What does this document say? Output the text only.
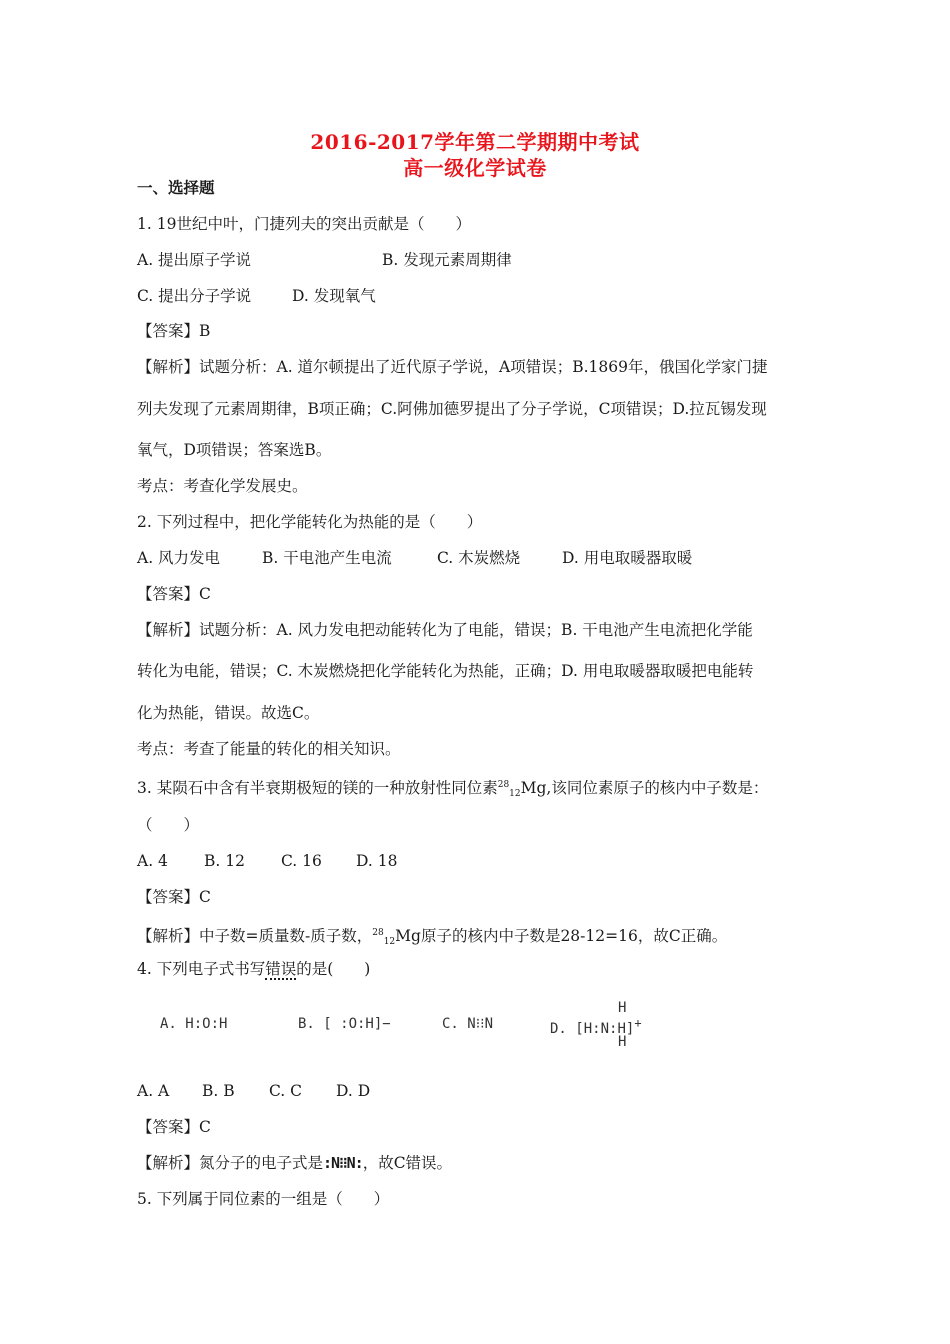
2016-2017学年第二学期期中考试
高一级化学试卷
一、选择题
1. 19世纪中叶，门捷列夫的突出贡献是（　　）
A. 提出原子学说	B. 发现元素周期律
C. 提出分子学说	D. 发现氧气
【答案】B
【解析】试题分析：A. 道尔顿提出了近代原子学说，A项错误；B.1869年，俄国化学家门捷
列夫发现了元素周期律，B项正确；C.阿佛加德罗提出了分子学说，C项错误；D.拉瓦锡发现
氧气，D项错误；答案选B。
考点：考查化学发展史。
2. 下列过程中，把化学能转化为热能的是（　　）
A. 风力发电	B. 干电池产生电流	C. 木炭燃烧	D. 用电取暖器取暖
【答案】C
【解析】试题分析：A. 风力发电把动能转化为了电能，错误；B. 干电池产生电流把化学能
转化为电能，错误；C. 木炭燃烧把化学能转化为热能，正确；D. 用电取暖器取暖把电能转
化为热能，错误。故选C。
考点：考查了能量的转化的相关知识。
3. 某陨石中含有半衰期极短的镁的一种放射性同位素$^{28}_{12}$Mg,该同位素原子的核内中子数是：
（　　）
A. 4 B. 12 C. 16 D. 18
【答案】C
【解析】中子数=质量数-质子数，$^{28}_{12}$Mg原子的核内中子数是28-12=16，故C正确。
4. 下列电子式书写错误的是(　　)
A. H:O:H	B. [ :O:H]−	C. N⁝⁝N	D. [H:N:H]+
H
H
A. A B. B C. C D. D
【答案】C
【解析】氮分子的电子式是:N⁝⁝N:，故C错误。
5. 下列属于同位素的一组是（　　）
